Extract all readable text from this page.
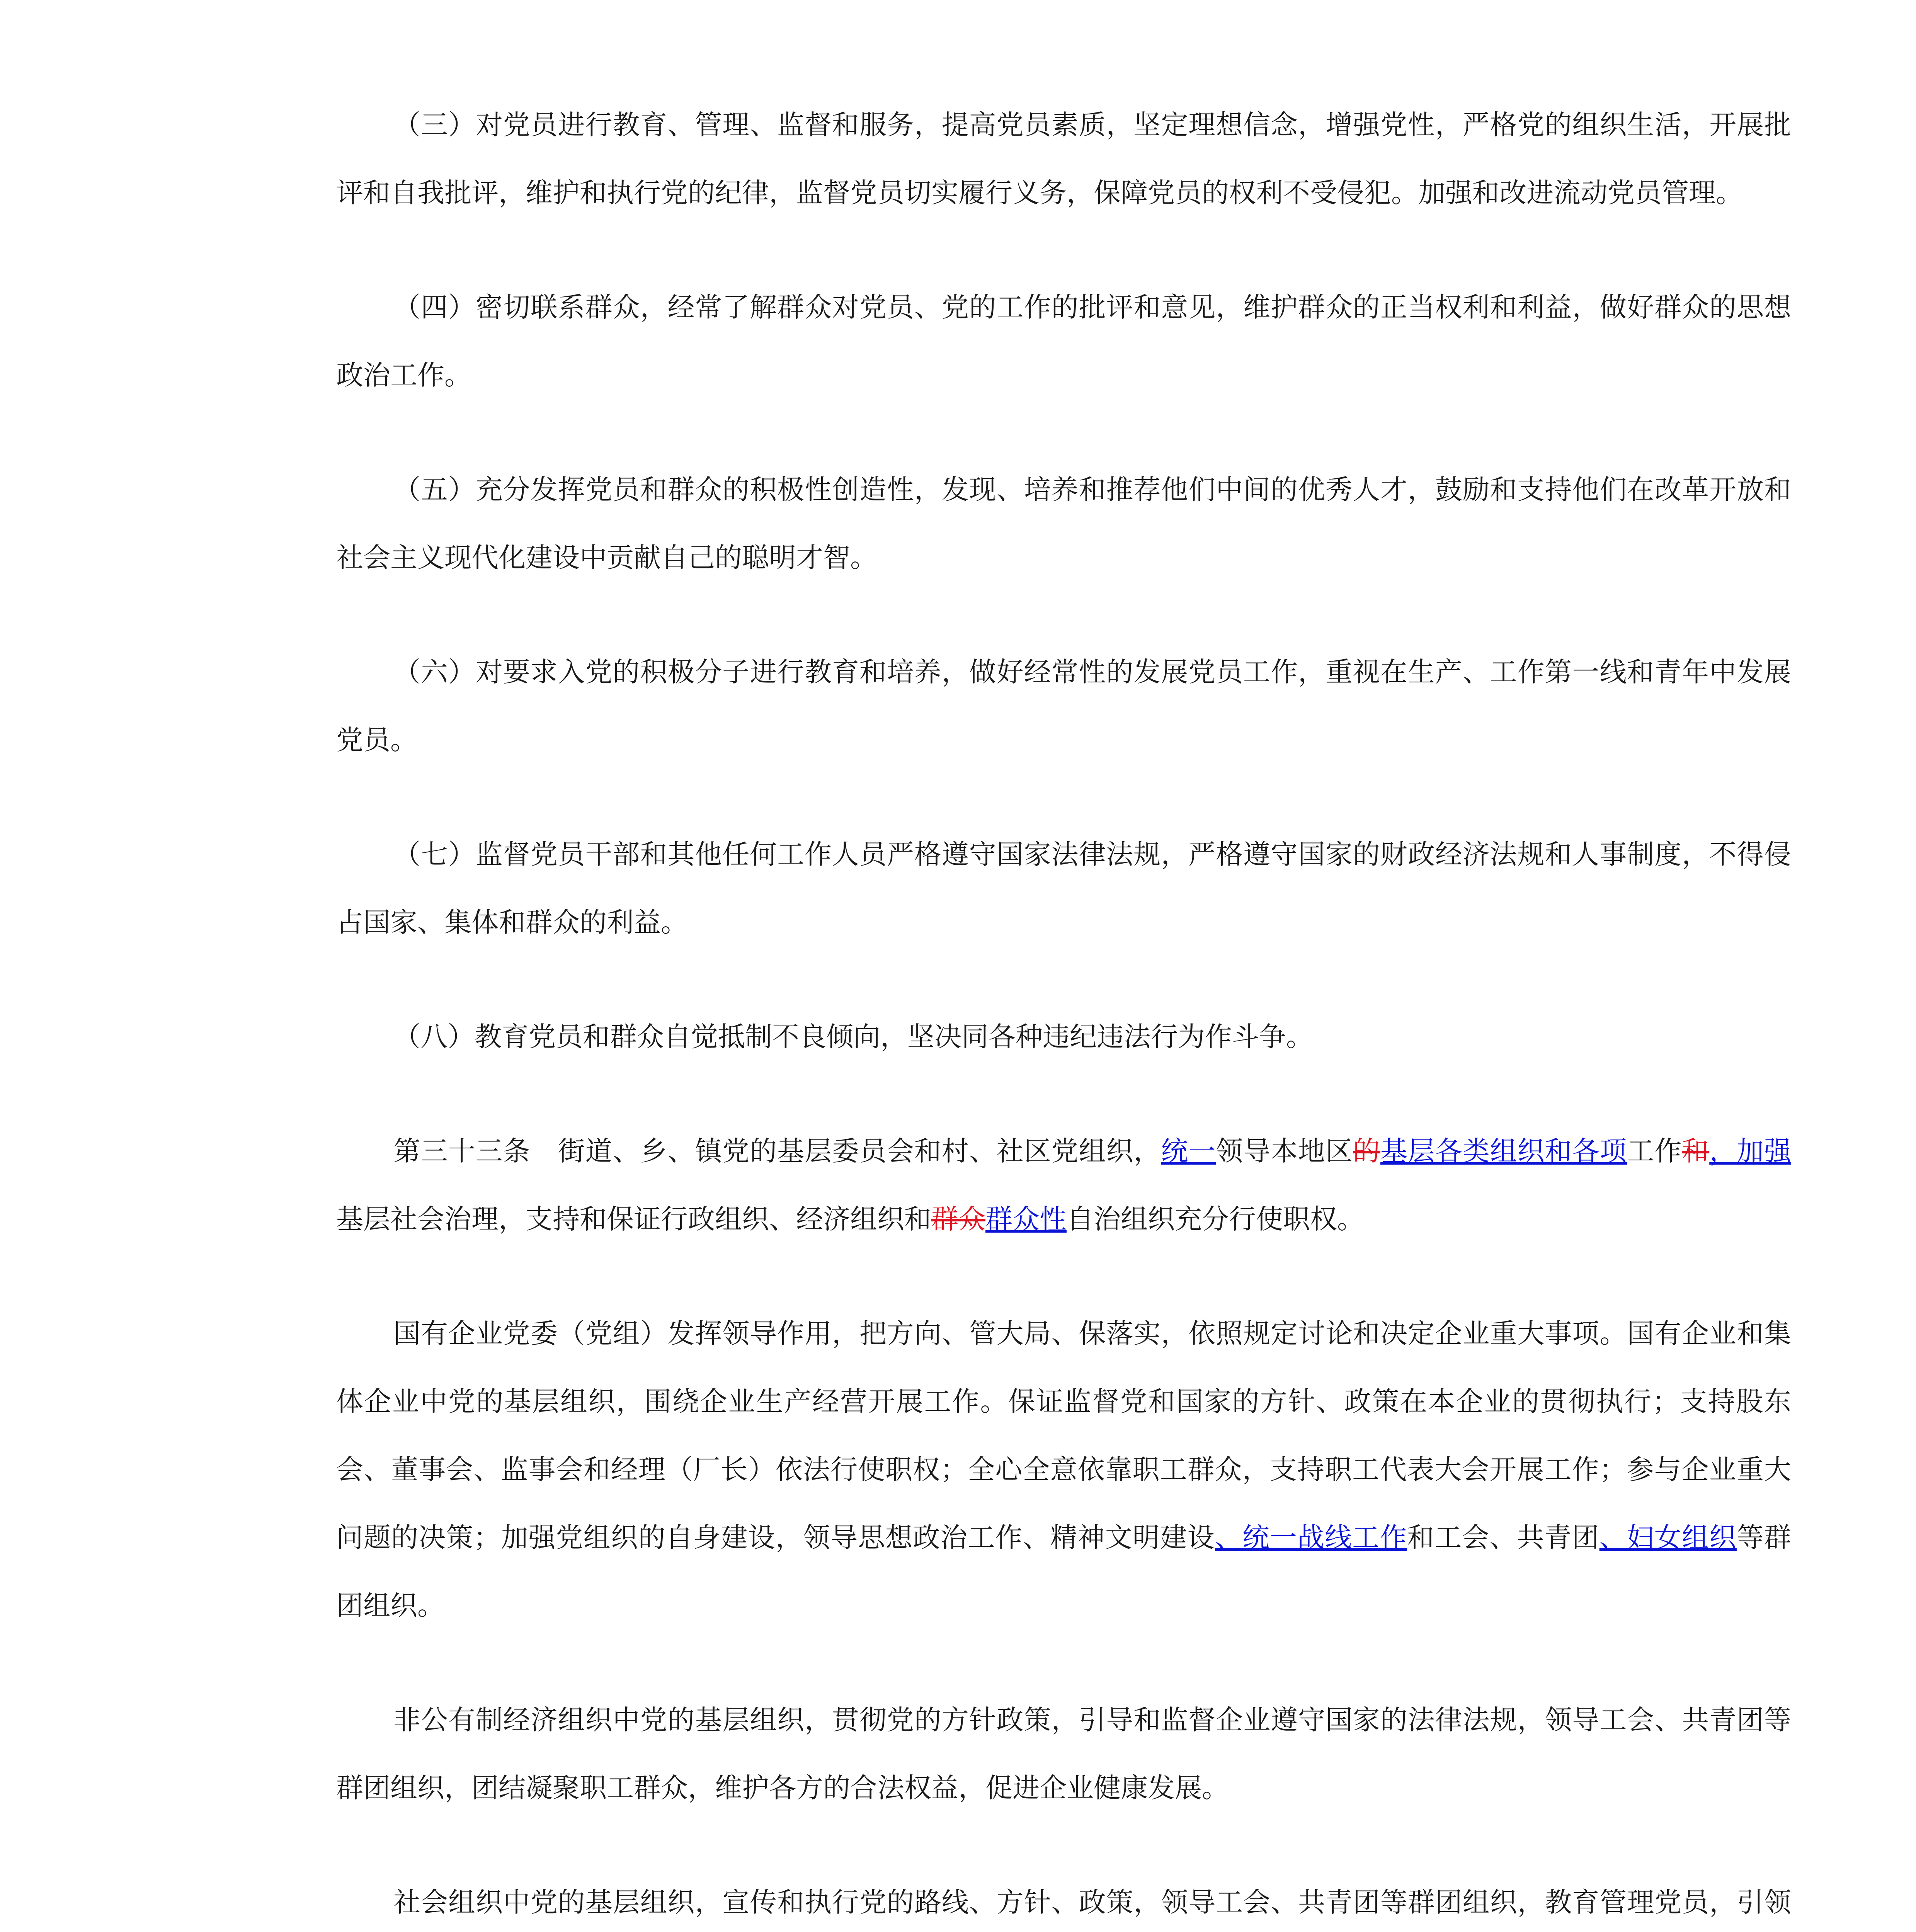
（三）对党员进行教育、管理、监督和服务，提高党员素质，坚定理想信念，增强党性，严格党的组织生活，开展批评和自我批评，维护和执行党的纪律，监督党员切实履行义务，保障党员的权利不受侵犯。加强和改进流动党员管理。

（四）密切联系群众，经常了解群众对党员、党的工作的批评和意见，维护群众的正当权利和利益，做好群众的思想政治工作。

（五）充分发挥党员和群众的积极性创造性，发现、培养和推荐他们中间的优秀人才，鼓励和支持他们在改革开放和社会主义现代化建设中贡献自己的聪明才智。

（六）对要求入党的积极分子进行教育和培养，做好经常性的发展党员工作，重视在生产、工作第一线和青年中发展党员。

（七）监督党员干部和其他任何工作人员严格遵守国家法律法规，严格遵守国家的财政经济法规和人事制度，不得侵占国家、集体和群众的利益。

（八）教育党员和群众自觉抵制不良倾向，坚决同各种违纪违法行为作斗争。

第三十三条　街道、乡、镇党的基层委员会和村、社区党组织，统一领导本地区的基层各类组织和各项工作和，加强基层社会治理，支持和保证行政组织、经济组织和群众群众性自治组织充分行使职权。

国有企业党委（党组）发挥领导作用，把方向、管大局、保落实，依照规定讨论和决定企业重大事项。国有企业和集体企业中党的基层组织，围绕企业生产经营开展工作。保证监督党和国家的方针、政策在本企业的贯彻执行；支持股东会、董事会、监事会和经理（厂长）依法行使职权；全心全意依靠职工群众，支持职工代表大会开展工作；参与企业重大问题的决策；加强党组织的自身建设，领导思想政治工作、精神文明建设、统一战线工作和工会、共青团、妇女组织等群团组织。

非公有制经济组织中党的基层组织，贯彻党的方针政策，引导和监督企业遵守国家的法律法规，领导工会、共青团等群团组织，团结凝聚职工群众，维护各方的合法权益，促进企业健康发展。

社会组织中党的基层组织，宣传和执行党的路线、方针、政策，领导工会、共青团等群团组织，教育管理党员，引领
